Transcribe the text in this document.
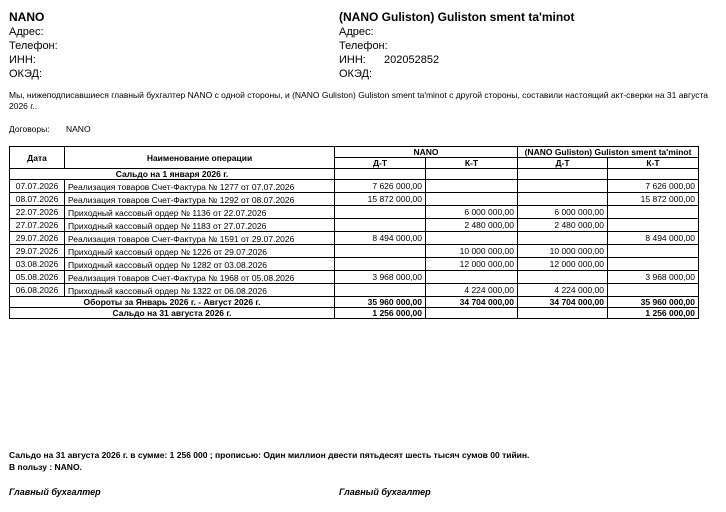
NANO
Адрес:
Телефон:
ИНН:
ОКЭД:
(NANO Guliston) Guliston sment ta'minot
Адрес:
Телефон:
ИНН: 202052852
ОКЭД:
Мы, нижеподписавшиеся главный бухгалтер NANO с одной стороны, и (NANO Guliston) Guliston sment ta'minot с другой стороны, составили настоящий акт-сверки на 31 августа 2026 г..
Договоры: NANO
Дата	Наименование операции	NANO		(NANO Guliston) Guliston sment ta'minot	
		Д-Т	К-Т	Д-Т	К-Т
Сальдо на 1 января 2026 г.					
07.07.2026	Реализация товаров Счет-Фактура № 1277 от 07.07.2026	7 626 000,00			7 626 000,00
08.07.2026	Реализация товаров Счет-Фактура № 1292 от 08.07.2026	15 872 000,00			15 872 000,00
22.07.2026	Приходный кассовый ордер № 1136 от 22.07.2026		6 000 000,00	6 000 000,00	
27.07.2026	Приходный кассовый ордер № 1183 от 27.07.2026		2 480 000,00	2 480 000,00	
29.07.2026	Реализация товаров Счет-Фактура № 1591 от 29.07.2026	8 494 000,00			8 494 000,00
29.07.2026	Приходный кассовый ордер № 1226 от 29.07.2026		10 000 000,00	10 000 000,00	
03.08.2026	Приходный кассовый ордер № 1282 от 03.08.2026		12 000 000,00	12 000 000,00	
05.08.2026	Реализация товаров Счет-Фактура № 1968 от 05.08.2026	3 968 000,00			3 968 000,00
06.08.2026	Приходный кассовый ордер № 1322 от 06.08.2026		4 224 000,00	4 224 000,00	
Обороты за Январь 2026 г. - Август 2026 г.		35 960 000,00	34 704 000,00	34 704 000,00	35 960 000,00
Сальдо на 31 августа 2026 г.		1 256 000,00			1 256 000,00
Сальдо на 31 августа 2026 г. в сумме: 1 256 000 ; прописью: Один миллион двести пятьдесят шесть тысяч сумов 00 тийин.
В пользу : NANO.
Главный бухгалтер	Главный бухгалтер
